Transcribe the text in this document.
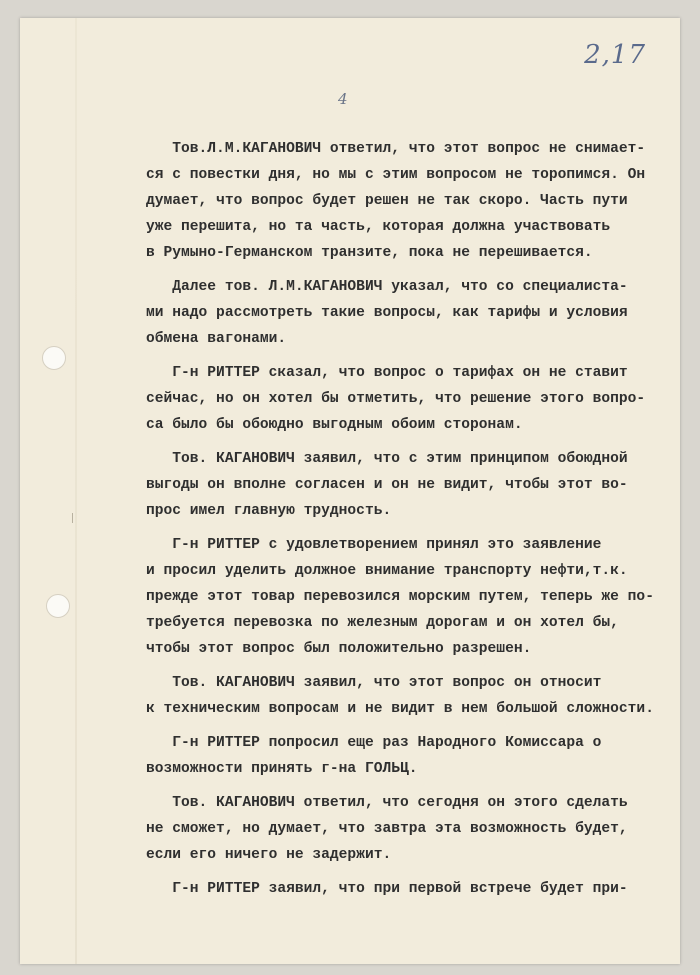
2,17
4
Тов.Л.М.КАГАНОВИЧ ответил, что этот вопрос не снимает-
ся с повестки дня, но мы с этим вопросом не торопимся. Он
думает, что вопрос будет решен не так скоро. Часть пути
уже перешита, но та часть, которая должна участвовать
в Румыно-Германском транзите, пока не перешивается.
Далее тов. Л.М.КАГАНОВИЧ указал, что со специалиста-
ми надо рассмотреть такие вопросы, как тарифы и условия
обмена вагонами.
Г-н РИТТЕР сказал, что вопрос о тарифах он не ставит
сейчас, но он хотел бы отметить, что решение этого вопро-
са было бы обоюдно выгодным обоим сторонам.
Тов. КАГАНОВИЧ заявил, что с этим принципом обоюдной
выгоды он вполне согласен и он не видит, чтобы этот во-
прос имел главную трудность.
Г-н РИТТЕР с удовлетворением принял это заявление
и просил уделить должное внимание транспорту нефти,т.к.
прежде этот товар перевозился морским путем, теперь же по-
требуется перевозка по железным дорогам и он хотел бы,
чтобы этот вопрос был положительно разрешен.
Тов. КАГАНОВИЧ заявил, что этот вопрос он относит
к техническим вопросам и не видит в нем большой сложности.
Г-н РИТТЕР попросил еще раз Народного Комиссара о
возможности принять г-на ГОЛЬЦ.
Тов. КАГАНОВИЧ ответил, что сегодня он этого сделать
не сможет, но думает, что завтра эта возможность будет,
если его ничего не задержит.
Г-н РИТТЕР заявил, что при первой встрече будет при-
